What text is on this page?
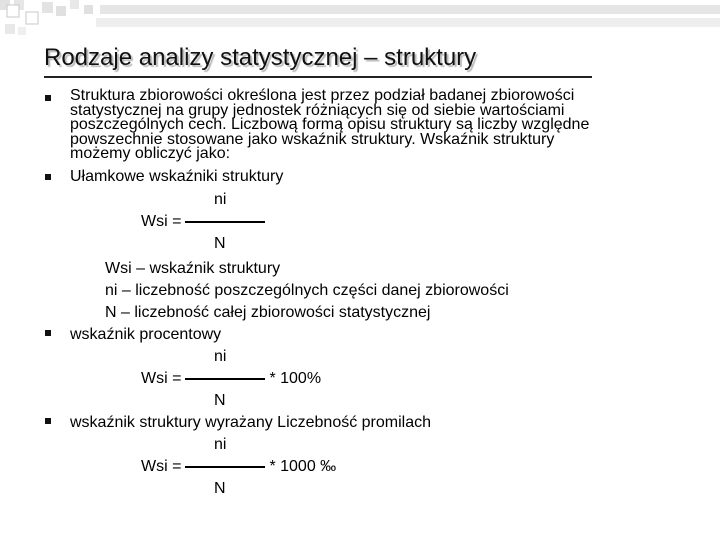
Rodzaje analizy statystycznej – struktury
Struktura zbiorowości określona jest przez podział badanej zbiorowości
statystycznej na grupy jednostek różniących się od siebie wartościami
poszczególnych cech. Liczbową formą opisu struktury są liczby względne
powszechnie stosowane jako wskaźnik struktury. Wskaźnik struktury
możemy obliczyć jako:
Ułamkowe wskaźniki struktury
ni
Wsi =
N
Wsi – wskaźnik struktury
ni – liczebność poszczególnych części danej zbiorowości
N – liczebność całej zbiorowości statystycznej
wskaźnik procentowy
ni
Wsi =	* 100%
N
wskaźnik struktury wyrażany Liczebność promilach
ni
Wsi =	* 1000 ‰
N
